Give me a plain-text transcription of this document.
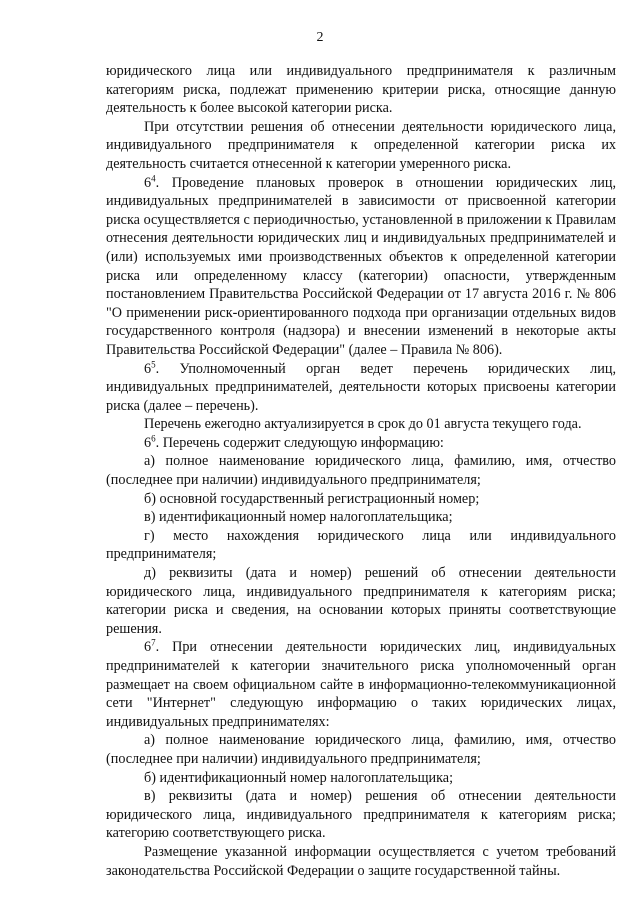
2

юридического лица или индивидуального предпринимателя к различным категориям риска, подлежат применению критерии риска, относящие данную деятельность к более высокой категории риска.

При отсутствии решения об отнесении деятельности юридического лица, индивидуального предпринимателя к определенной категории риска их деятельность считается отнесенной к категории умеренного риска.

$6^4$. Проведение плановых проверок в отношении юридических лиц, индивидуальных предпринимателей в зависимости от присвоенной категории риска осуществляется с периодичностью, установленной в приложении к Правилам отнесения деятельности юридических лиц и индивидуальных предпринимателей и (или) используемых ими производственных объектов к определенной категории риска или определенному классу (категории) опасности, утвержденным постановлением Правительства Российской Федерации от 17 августа 2016 г. № 806 "О применении риск-ориентированного подхода при организации отдельных видов государственного контроля (надзора) и внесении изменений в некоторые акты Правительства Российской Федерации" (далее – Правила № 806).

$6^5$. Уполномоченный орган ведет перечень юридических лиц, индивидуальных предпринимателей, деятельности которых присвоены категории риска (далее – перечень).

Перечень ежегодно актуализируется в срок до 01 августа текущего года.

$6^6$. Перечень содержит следующую информацию:

а) полное наименование юридического лица, фамилию, имя, отчество (последнее при наличии) индивидуального предпринимателя;

б) основной государственный регистрационный номер;

в) идентификационный номер налогоплательщика;

г) место нахождения юридического лица или индивидуального предпринимателя;

д) реквизиты (дата и номер) решений об отнесении деятельности юридического лица, индивидуального предпринимателя к категориям риска; категории риска и сведения, на основании которых приняты соответствующие решения.

$6^7$. При отнесении деятельности юридических лиц, индивидуальных предпринимателей к категории значительного риска уполномоченный орган размещает на своем официальном сайте в информационно-телекоммуникационной сети "Интернет" следующую информацию о таких юридических лицах, индивидуальных предпринимателях:

а) полное наименование юридического лица, фамилию, имя, отчество (последнее при наличии) индивидуального предпринимателя;

б) идентификационный номер налогоплательщика;

в) реквизиты (дата и номер) решения об отнесении деятельности юридического лица, индивидуального предпринимателя к категориям риска; категорию соответствующего риска.

Размещение указанной информации осуществляется с учетом требований законодательства Российской Федерации о защите государственной тайны.
